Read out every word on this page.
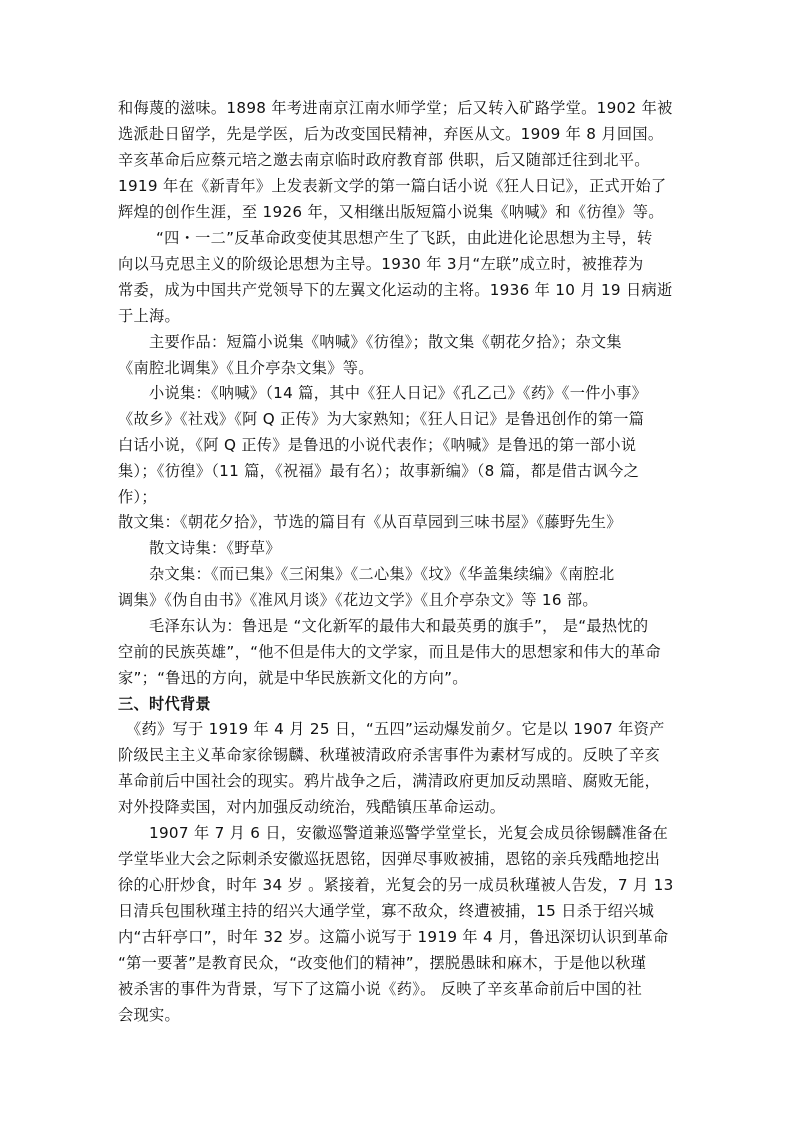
和侮蔑的滋味。1898 年考进南京江南水师学堂；后又转入矿路学堂。1902 年被
选派赴日留学，先是学医，后为改变国民精神，弃医从文。1909 年 8 月回国。
辛亥革命后应蔡元培之邀去南京临时政府教育部 供职，后又随部迁往到北平。
1919 年在《新青年》上发表新文学的第一篇白话小说《狂人日记》，正式开始了
辉煌的创作生涯，至 1926 年，又相继出版短篇小说集《呐喊》和《彷徨》等。
“四・一二”反革命政变使其思想产生了飞跃，由此进化论思想为主导，转
向以马克思主义的阶级论思想为主导。1930 年 3月“左联”成立时，被推荐为
常委，成为中国共产党领导下的左翼文化运动的主将。1936 年 10 月 19 日病逝
于上海。
主要作品：短篇小说集《呐喊》《彷徨》；散文集《朝花夕拾》；杂文集
《南腔北调集》《且介亭杂文集》等。
小说集：《呐喊》（14 篇，其中《狂人日记》《孔乙己》《药》《一件小事》
《故乡》《社戏》《阿 Q 正传》为大家熟知；《狂人日记》是鲁迅创作的第一篇
白话小说，《阿 Q 正传》是鲁迅的小说代表作；《呐喊》是鲁迅的第一部小说
集）；《彷徨》（11 篇，《祝福》最有名）；故事新编》（8 篇，都是借古讽今之
作）；
散文集：《朝花夕拾》，节选的篇目有《从百草园到三味书屋》《藤野先生》
散文诗集：《野草》
杂文集：《而已集》《三闲集》《二心集》《坟》《华盖集续编》《南腔北
调集》《伪自由书》《准风月谈》《花边文学》《且介亭杂文》等 16 部。
毛泽东认为：鲁迅是 “文化新军的最伟大和最英勇的旗手”， 是“最热忱的
空前的民族英雄”，“他不但是伟大的文学家，而且是伟大的思想家和伟大的革命
家”；“鲁迅的方向，就是中华民族新文化的方向”。
三、时代背景
《药》写于 1919 年 4 月 25 日，“五四”运动爆发前夕。它是以 1907 年资产
阶级民主主义革命家徐锡麟、秋瑾被清政府杀害事件为素材写成的。反映了辛亥
革命前后中国社会的现实。鸦片战争之后，满清政府更加反动黑暗、腐败无能，
对外投降卖国，对内加强反动统治，残酷镇压革命运动。
1907 年 7 月 6 日，安徽巡警道兼巡警学堂堂长，光复会成员徐锡麟准备在
学堂毕业大会之际刺杀安徽巡抚恩铭，因弹尽事败被捕，恩铭的亲兵残酷地挖出
徐的心肝炒食，时年 34 岁 。紧接着，光复会的另一成员秋瑾被人告发，7 月 13
日清兵包围秋瑾主持的绍兴大通学堂，寡不敌众，终遭被捕，15 日杀于绍兴城
内“古轩亭口”，时年 32 岁。这篇小说写于 1919 年 4 月，鲁迅深切认识到革命
“第一要著”是教育民众，“改变他们的精神”，摆脱愚昧和麻木，于是他以秋瑾
被杀害的事件为背景，写下了这篇小说《药》。 反映了辛亥革命前后中国的社
会现实。
